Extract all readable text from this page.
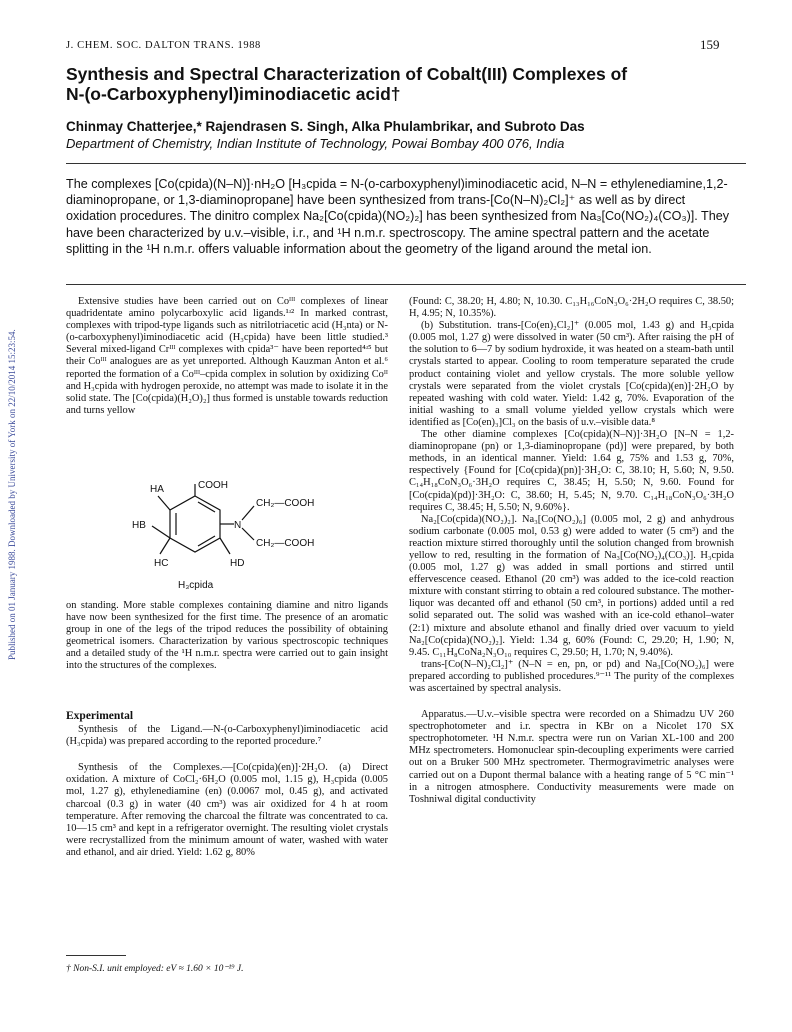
J. CHEM. SOC. DALTON TRANS. 1988	159
Published on 01 January 1988. Downloaded by University of York on 22/10/2014 15:23:54.
Synthesis and Spectral Characterization of Cobalt(III) Complexes of
N-(o-Carboxyphenyl)iminodiacetic acid†
Chinmay Chatterjee,* Rajendrasen S. Singh, Alka Phulambrikar, and Subroto Das
Department of Chemistry, Indian Institute of Technology, Powai Bombay 400 076, India
The complexes [Co(cpida)(N–N)]·nH₂O [H₃cpida = N-(o-carboxyphenyl)iminodiacetic acid, N–N = ethylenediamine,1,2-diaminopropane, or 1,3-diaminopropane] have been synthesized from trans-[Co(N–N)₂Cl₂]⁺ as well as by direct oxidation procedures. The dinitro complex Na₂[Co(cpida)(NO₂)₂] has been synthesized from Na₃[Co(NO₂)₄(CO₃)]. They have been characterized by u.v.–visible, i.r., and ¹H n.m.r. spectroscopy. The amine spectral pattern and the acetate splitting in the ¹H n.m.r. offers valuable information about the geometry of the ligand around the metal ion.

Extensive studies have been carried out on Coᴵᴵᴵ complexes of linear quadridentate amino polycarboxylic acid ligands.¹ʴ² In marked contrast, complexes with tripod-type ligands such as nitrilotriacetic acid (H₃nta) or N-(o-carboxyphenyl)iminodiacetic acid (H₃cpida) have been little studied.³ Several mixed-ligand Crᴵᴵᴵ complexes with cpida³⁻ have been reported⁴ʴ⁵ but their Coᴵᴵᴵ analogues are as yet unreported. Although Kauzman Anton et al.⁶ reported the formation of a Coᴵᴵᴵ–cpida complex in solution by oxidizing Coᴵᴵ and H₃cpida with hydrogen peroxide, no attempt was made to isolate it in the solid state. The [Co(cpida)(H₂O)₂] thus formed is unstable towards reduction and turns yellow

HA	COOH
CH₂—COOH
HB	N
CH₂—COOH
HC	HD
H₃cpida

on standing. More stable complexes containing diamine and nitro ligands have now been synthesized for the first time. The presence of an aromatic group in one of the legs of the tripod reduces the possibility of obtaining geometrical isomers. Characterization by various spectroscopic techniques and a detailed study of the ¹H n.m.r. spectra were carried out to gain insight into the structures of the complexes.

Experimental

Synthesis of the Ligand.—N-(o-Carboxyphenyl)iminodiacetic acid (H₃cpida) was prepared according to the reported procedure.⁷

Synthesis of the Complexes.—[Co(cpida)(en)]·2H₂O. (a) Direct oxidation. A mixture of CoCl₂·6H₂O (0.005 mol, 1.15 g), H₃cpida (0.005 mol, 1.27 g), ethylenediamine (en) (0.0067 mol, 0.45 g), and activated charcoal (0.3 g) in water (40 cm³) was air oxidized for 4 h at room temperature. After removing the charcoal the filtrate was concentrated to ca. 10—15 cm³ and kept in a refrigerator overnight. The resulting violet crystals were recrystallized from the minimum amount of water, washed with water and ethanol, and air dried. Yield: 1.62 g, 80%

† Non-S.I. unit employed: eV ≈ 1.60 × 10⁻¹⁹ J.

(Found: C, 38.20; H, 4.80; N, 10.30. C₁₃H₁₆CoN₃O₆·2H₂O requires C, 38.50; H, 4.95; N, 10.35%).

(b) Substitution. trans-[Co(en)₂Cl₂]⁺ (0.005 mol, 1.43 g) and H₃cpida (0.005 mol, 1.27 g) were dissolved in water (50 cm³). After raising the pH of the solution to 6—7 by sodium hydroxide, it was heated on a steam-bath until crystals started to appear. Cooling to room temperature separated the crude product containing violet and yellow crystals. The more soluble yellow crystals were separated from the violet crystals [Co(cpida)(en)]·2H₂O by repeated washing with cold water. Yield: 1.42 g, 70%. Evaporation of the initial washing to a small volume yielded yellow crystals which were identified as [Co(en)₃]Cl₃ on the basis of u.v.–visible data.⁸

The other diamine complexes [Co(cpida)(N–N)]·3H₂O [N–N = 1,2-diaminopropane (pn) or 1,3-diaminopropane (pd)] were prepared, by both methods, in an identical manner. Yield: 1.64 g, 75% and 1.53 g, 70%, respectively {Found for [Co(cpida)(pn)]·3H₂O: C, 38.10; H, 5.60; N, 9.50. C₁₄H₁₈CoN₃O₆·3H₂O requires C, 38.45; H, 5.50; N, 9.60. Found for [Co(cpida)(pd)]·3H₂O: C, 38.60; H, 5.45; N, 9.70. C₁₄H₁₈CoN₃O₆·3H₂O requires C, 38.45; H, 5.50; N, 9.60%}.

Na₂[Co(cpida)(NO₂)₂]. Na₃[Co(NO₂)₆] (0.005 mol, 2 g) and anhydrous sodium carbonate (0.005 mol, 0.53 g) were added to water (5 cm³) and the reaction mixture stirred thoroughly until the solution changed from brownish yellow to red, resulting in the formation of Na₃[Co(NO₂)₄(CO₃)]. H₃cpida (0.005 mol, 1.27 g) was added in small portions and stirred until effervescence ceased. Ethanol (20 cm³) was added to the ice-cold reaction mixture with constant stirring to obtain a red coloured substance. The mother-liquor was decanted off and ethanol (50 cm³, in portions) added until a red solid separated out. The solid was washed with an ice-cold ethanol–water (2:1) mixture and absolute ethanol and finally dried over vacuum to yield Na₂[Co(cpida)(NO₂)₂]. Yield: 1.34 g, 60% (Found: C, 29.20; H, 1.90; N, 9.45. C₁₁H₈CoNa₂N₃O₁₀ requires C, 29.50; H, 1.70; N, 9.40%).

trans-[Co(N–N)₂Cl₂]⁺ (N–N = en, pn, or pd) and Na₃[Co(NO₂)₆] were prepared according to published procedures.⁹⁻¹¹ The purity of the complexes was ascertained by spectral analysis.

Apparatus.—U.v.–visible spectra were recorded on a Shimadzu UV 260 spectrophotometer and i.r. spectra in KBr on a Nicolet 170 SX spectrophotometer. ¹H N.m.r. spectra were run on Varian XL-100 and 200 MHz spectrometers. Homonuclear spin-decoupling experiments were carried out on a Bruker 500 MHz spectrometer. Thermogravimetric analyses were carried out on a Dupont thermal balance with a heating range of 5 °C min⁻¹ in a nitrogen atmosphere. Conductivity measurements were made on Toshniwal digital conductivity
